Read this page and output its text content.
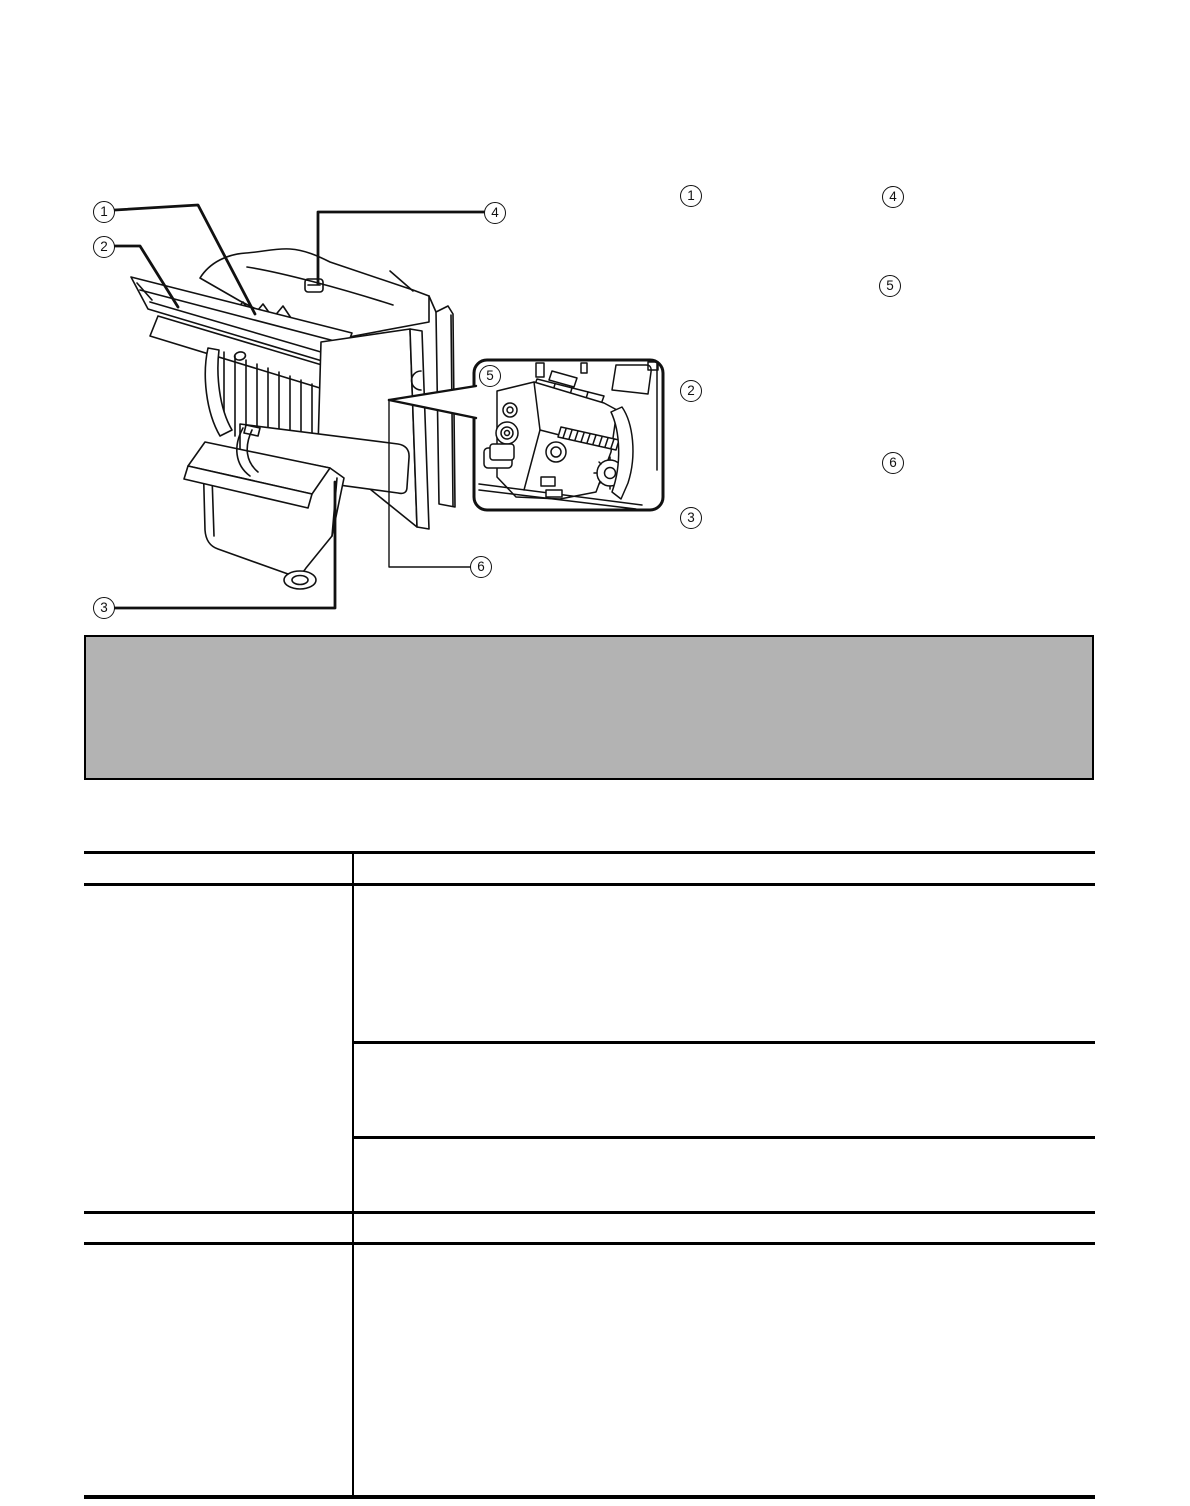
1
2
3
4
5
6
1
2
3
4
5
6
